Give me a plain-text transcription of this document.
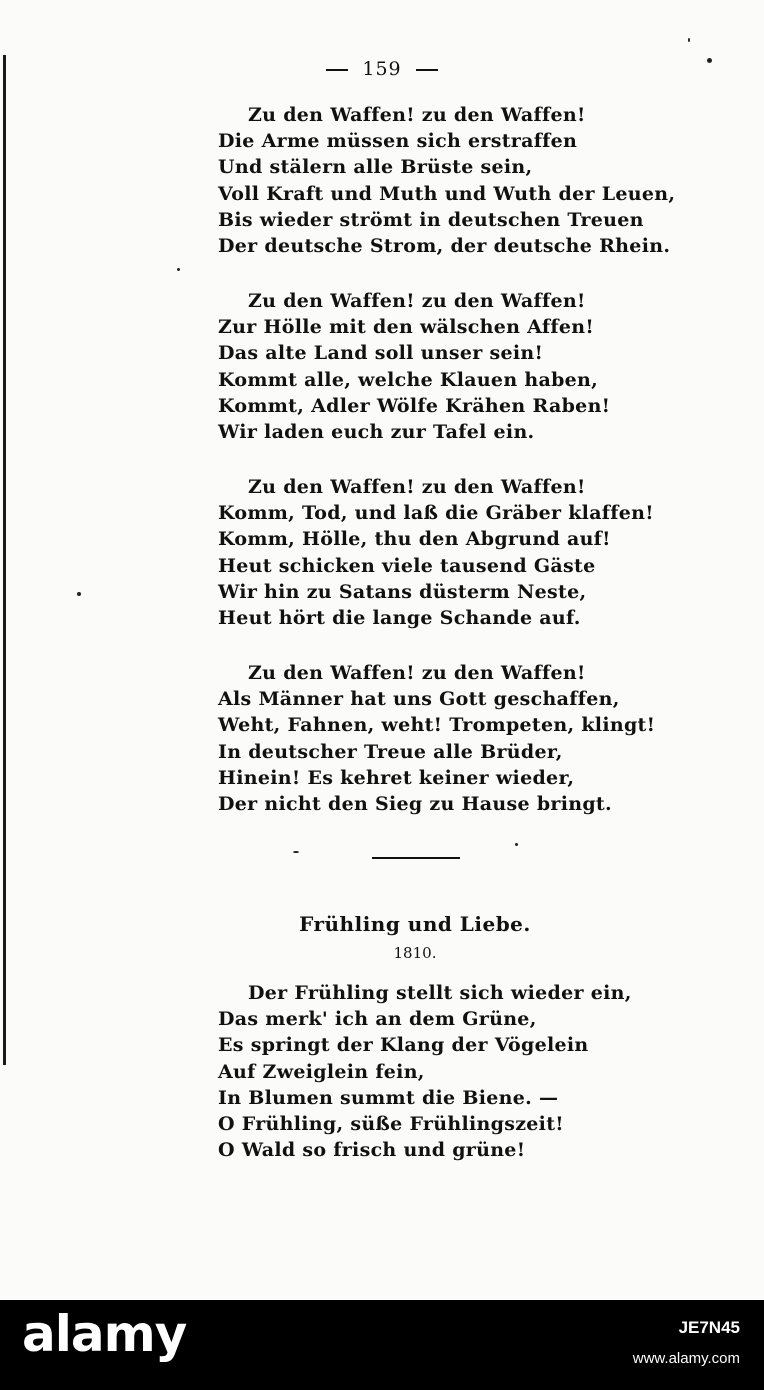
159
Zu den Waffen! zu den Waffen!
Die Arme müssen sich erstraffen
Und stälern alle Brüste sein,
Voll Kraft und Muth und Wuth der Leuen,
Bis wieder strömt in deutschen Treuen
Der deutsche Strom, der deutsche Rhein.
Zu den Waffen! zu den Waffen!
Zur Hölle mit den wälschen Affen!
Das alte Land soll unser sein!
Kommt alle, welche Klauen haben,
Kommt, Adler Wölfe Krähen Raben!
Wir laden euch zur Tafel ein.
Zu den Waffen! zu den Waffen!
Komm, Tod, und laß die Gräber klaffen!
Komm, Hölle, thu den Abgrund auf!
Heut schicken viele tausend Gäste
Wir hin zu Satans düsterm Neste,
Heut hört die lange Schande auf.
Zu den Waffen! zu den Waffen!
Als Männer hat uns Gott geschaffen,
Weht, Fahnen, weht! Trompeten, klingt!
In deutscher Treue alle Brüder,
Hinein! Es kehret keiner wieder,
Der nicht den Sieg zu Hause bringt.
Frühling und Liebe.
1810.
Der Frühling stellt sich wieder ein,
Das merk' ich an dem Grüne,
Es springt der Klang der Vögelein
Auf Zweiglein fein,
In Blumen summt die Biene. —
O Frühling, süße Frühlingszeit!
O Wald so frisch und grüne!
alamy	JE7N45
www.alamy.com
